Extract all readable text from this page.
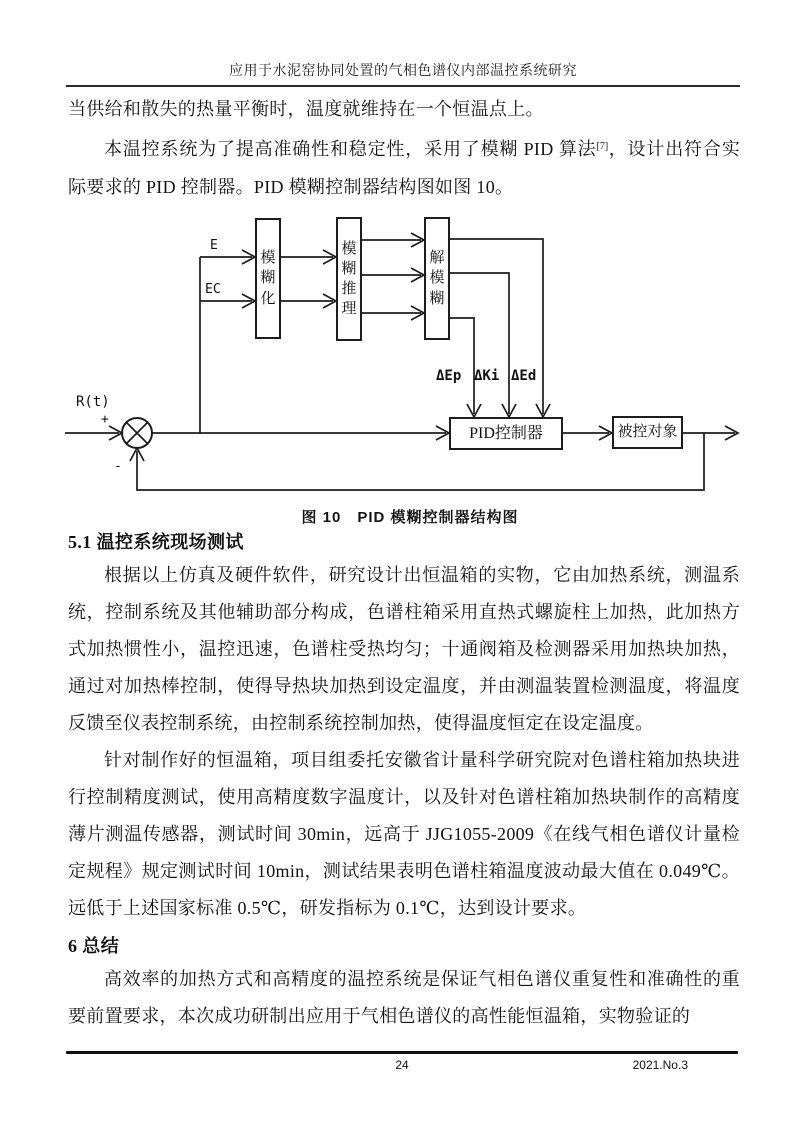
应用于水泥窑协同处置的气相色谱仪内部温控系统研究

当供给和散失的热量平衡时，温度就维持在一个恒温点上。

本温控系统为了提高准确性和稳定性，采用了模糊 PID 算法[7]，设计出符合实际要求的 PID 控制器。PID 模糊控制器结构图如图 10。

模糊化
模糊推理
解模糊
PID控制器	被控对象
R(t)
+
-
E
EC
ΔEp ΔKi ΔEd
图 10　PID 模糊控制器结构图
5.1 温控系统现场测试

根据以上仿真及硬件软件，研究设计出恒温箱的实物，它由加热系统，测温系统，控制系统及其他辅助部分构成，色谱柱箱采用直热式螺旋柱上加热，此加热方式加热惯性小，温控迅速，色谱柱受热均匀；十通阀箱及检测器采用加热块加热，通过对加热棒控制，使得导热块加热到设定温度，并由测温装置检测温度，将温度反馈至仪表控制系统，由控制系统控制加热，使得温度恒定在设定温度。

针对制作好的恒温箱，项目组委托安徽省计量科学研究院对色谱柱箱加热块进行控制精度测试，使用高精度数字温度计，以及针对色谱柱箱加热块制作的高精度薄片测温传感器，测试时间 30min，远高于 JJG1055-2009《在线气相色谱仪计量检定规程》规定测试时间 10min，测试结果表明色谱柱箱温度波动最大值在 0.049℃。远低于上述国家标准 0.5℃，研发指标为 0.1℃，达到设计要求。

6 总结

高效率的加热方式和高精度的温控系统是保证气相色谱仪重复性和准确性的重要前置要求，本次成功研制出应用于气相色谱仪的高性能恒温箱，实物验证的

24	2021.No.3
